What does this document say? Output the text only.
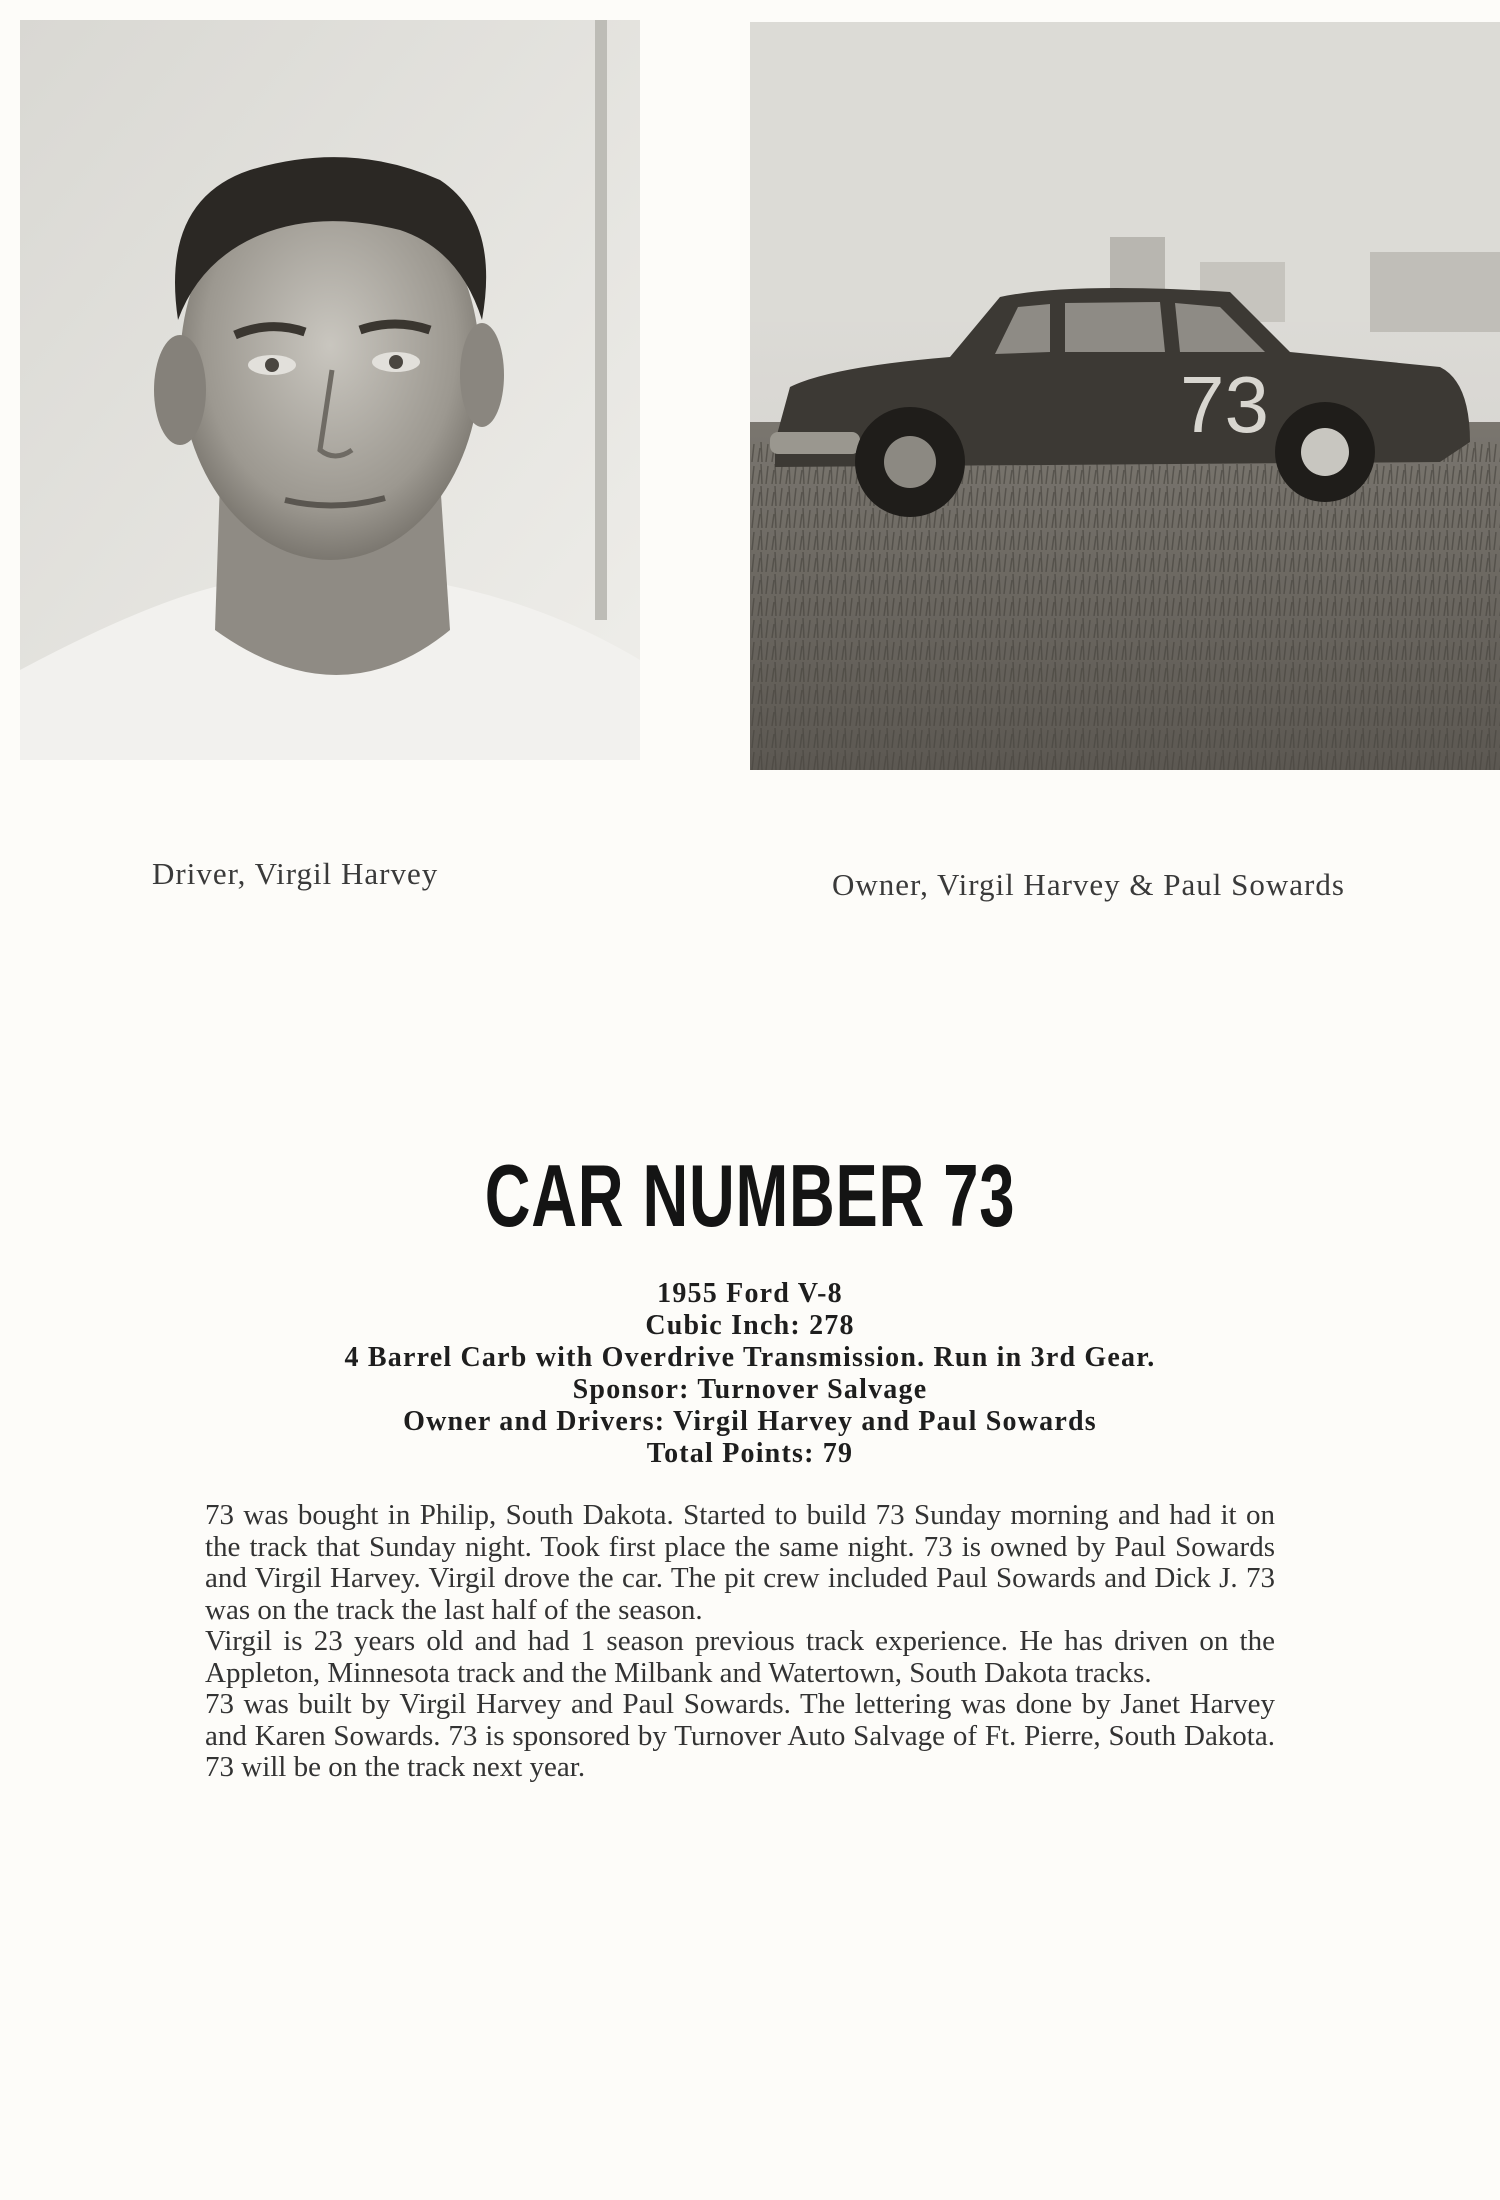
73
Driver, Virgil Harvey	Owner, Virgil Harvey & Paul Sowards
CAR NUMBER 73
1955 Ford V-8
Cubic Inch: 278
4 Barrel Carb with Overdrive Transmission. Run in 3rd Gear.
Sponsor: Turnover Salvage
Owner and Drivers: Virgil Harvey and Paul Sowards
Total Points: 79

73 was bought in Philip, South Dakota. Started to build 73 Sunday morning and had it on the track that Sunday night. Took first place the same night. 73 is owned by Paul Sowards and Virgil Harvey. Virgil drove the car. The pit crew included Paul Sowards and Dick J. 73 was on the track the last half of the season.

Virgil is 23 years old and had 1 season previous track experience. He has driven on the Appleton, Minnesota track and the Milbank and Watertown, South Dakota tracks.

73 was built by Virgil Harvey and Paul Sowards. The lettering was done by Janet Harvey and Karen Sowards. 73 is sponsored by Turnover Auto Salvage of Ft. Pierre, South Dakota. 73 will be on the track next year.
